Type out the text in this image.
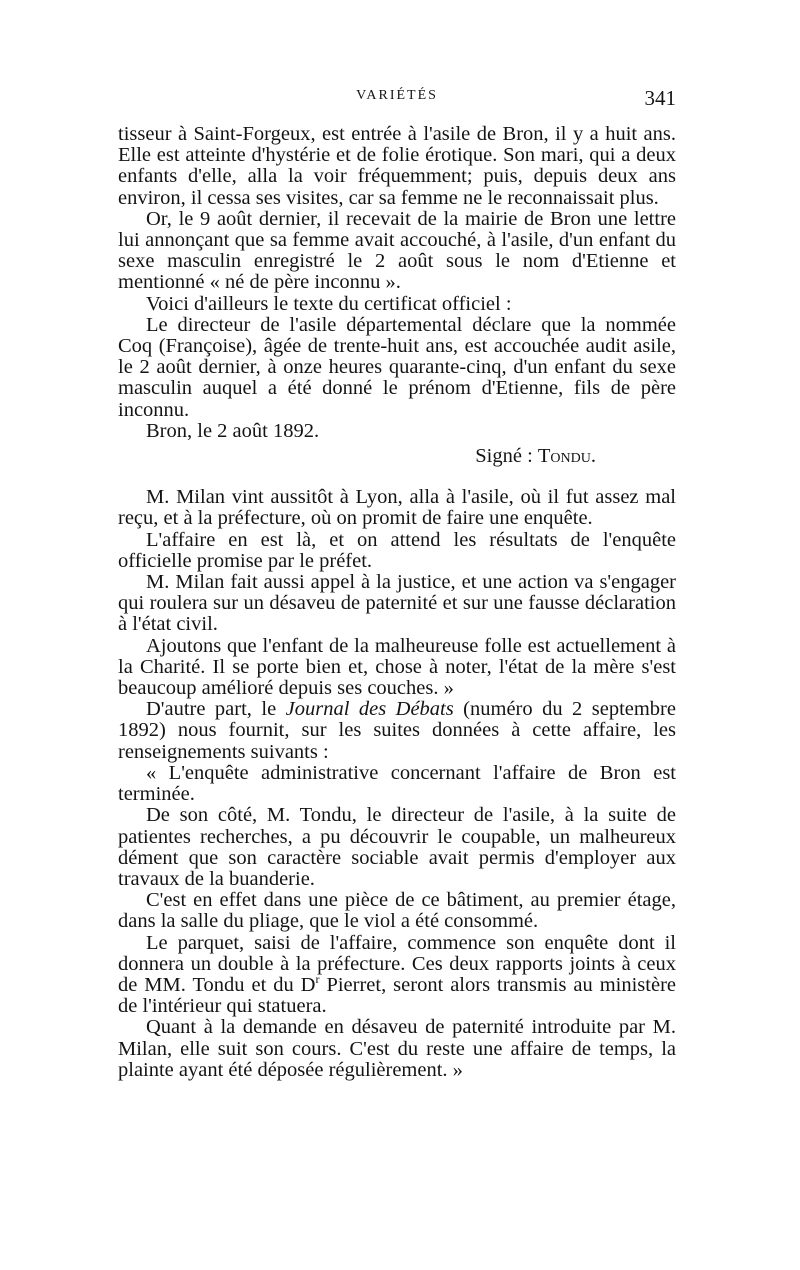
VARIÉTÉS	341

tisseur à Saint-Forgeux, est entrée à l'asile de Bron, il y a huit ans. Elle est atteinte d'hystérie et de folie érotique. Son mari, qui a deux enfants d'elle, alla la voir fréquemment; puis, depuis deux ans environ, il cessa ses visites, car sa femme ne le reconnaissait plus.

Or, le 9 août dernier, il recevait de la mairie de Bron une lettre lui annonçant que sa femme avait accouché, à l'asile, d'un enfant du sexe masculin enregistré le 2 août sous le nom d'Etienne et mentionné « né de père inconnu ».

Voici d'ailleurs le texte du certificat officiel :

Le directeur de l'asile départemental déclare que la nommée Coq (Françoise), âgée de trente-huit ans, est accouchée audit asile, le 2 août dernier, à onze heures quarante-cinq, d'un enfant du sexe masculin auquel a été donné le prénom d'Etienne, fils de père inconnu.

Bron, le 2 août 1892.

Signé : Tondu.

M. Milan vint aussitôt à Lyon, alla à l'asile, où il fut assez mal reçu, et à la préfecture, où on promit de faire une enquête.

L'affaire en est là, et on attend les résultats de l'enquête officielle promise par le préfet.

M. Milan fait aussi appel à la justice, et une action va s'engager qui roulera sur un désaveu de paternité et sur une fausse déclaration à l'état civil.

Ajoutons que l'enfant de la malheureuse folle est actuellement à la Charité. Il se porte bien et, chose à noter, l'état de la mère s'est beaucoup amélioré depuis ses couches. »

D'autre part, le Journal des Débats (numéro du 2 septembre 1892) nous fournit, sur les suites données à cette affaire, les renseignements suivants :

« L'enquête administrative concernant l'affaire de Bron est terminée.

De son côté, M. Tondu, le directeur de l'asile, à la suite de patientes recherches, a pu découvrir le coupable, un malheureux dément que son caractère sociable avait permis d'employer aux travaux de la buanderie.

C'est en effet dans une pièce de ce bâtiment, au premier étage, dans la salle du pliage, que le viol a été consommé.

Le parquet, saisi de l'affaire, commence son enquête dont il donnera un double à la préfecture. Ces deux rapports joints à ceux de MM. Tondu et du $D^r$ Pierret, seront alors transmis au ministère de l'intérieur qui statuera.

Quant à la demande en désaveu de paternité introduite par M. Milan, elle suit son cours. C'est du reste une affaire de temps, la plainte ayant été déposée régulièrement. »
